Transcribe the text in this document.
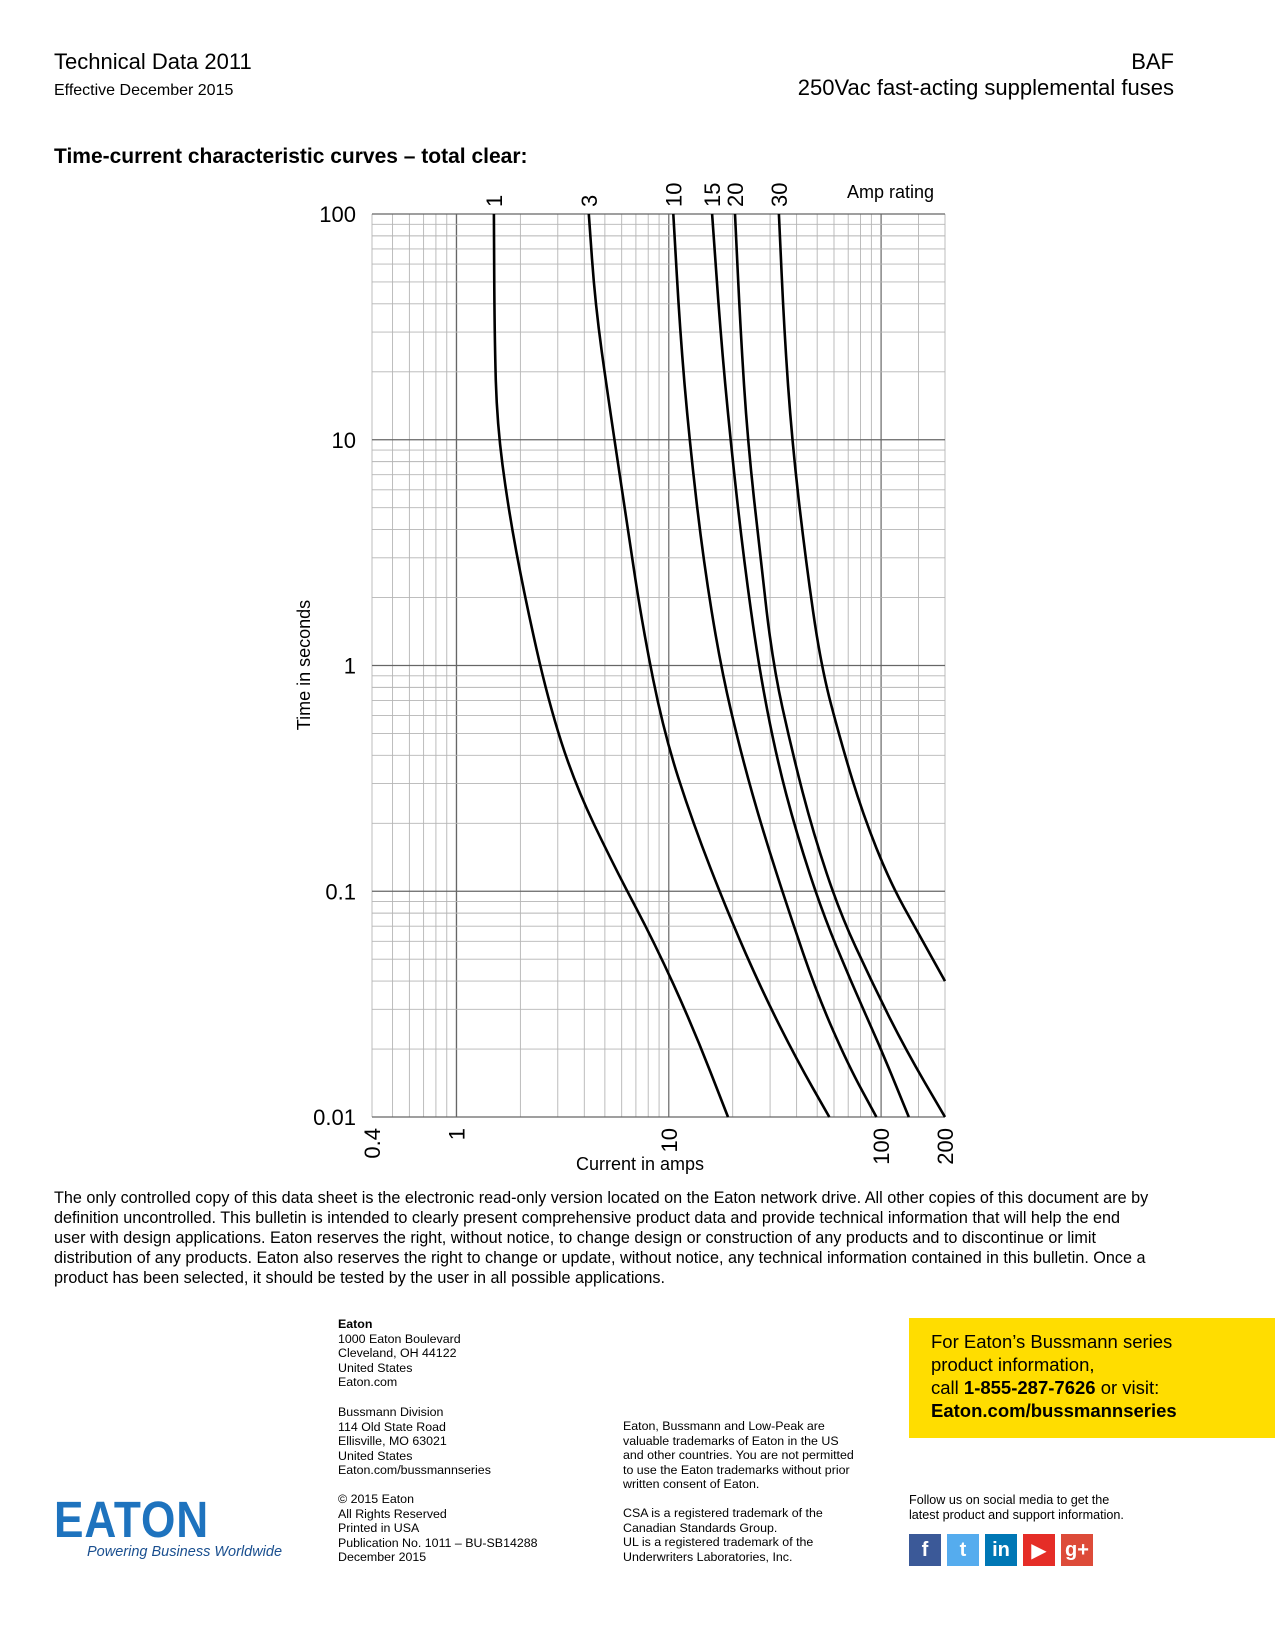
Technical Data 2011
Effective December 2015
BAF
250Vac fast-acting supplemental fuses
Time-current characteristic curves – total clear:
100
10
1
0.1
0.01
0.4	1	10	100 200
Current in amps
Time in seconds
1	3	10 15
20 30	Amp rating
The only controlled copy of this data sheet is the electronic read-only version located on the Eaton network drive. All other copies of this document are by definition uncontrolled. This bulletin is intended to clearly present comprehensive product data and provide technical information that will help the end user with design applications. Eaton reserves the right, without notice, to change design or construction of any products and to discontinue or limit distribution of any products. Eaton also reserves the right to change or update, without notice, any technical information contained in this bulletin. Once a product has been selected, it should be tested by the user in all possible applications.
Eaton
1000 Eaton Boulevard
Cleveland, OH 44122
United States
Eaton.com
Bussmann Division
114 Old State Road
Ellisville, MO 63021
United States
Eaton.com/bussmannseries
© 2015 Eaton
All Rights Reserved
Printed in USA
Publication No. 1011 – BU-SB14288
December 2015
Eaton, Bussmann and Low-Peak are
valuable trademarks of Eaton in the US
and other countries. You are not permitted
to use the Eaton trademarks without prior
written consent of Eaton.
CSA is a registered trademark of the
Canadian Standards Group.
UL is a registered trademark of the
Underwriters Laboratories, Inc.
For Eaton’s Bussmann series
product information,
call 1-855-287-7626 or visit:
Eaton.com/bussmannseries
Follow us on social media to get the
latest product and support information.
f	t	in	▶ g+
EATON
Powering Business Worldwide
